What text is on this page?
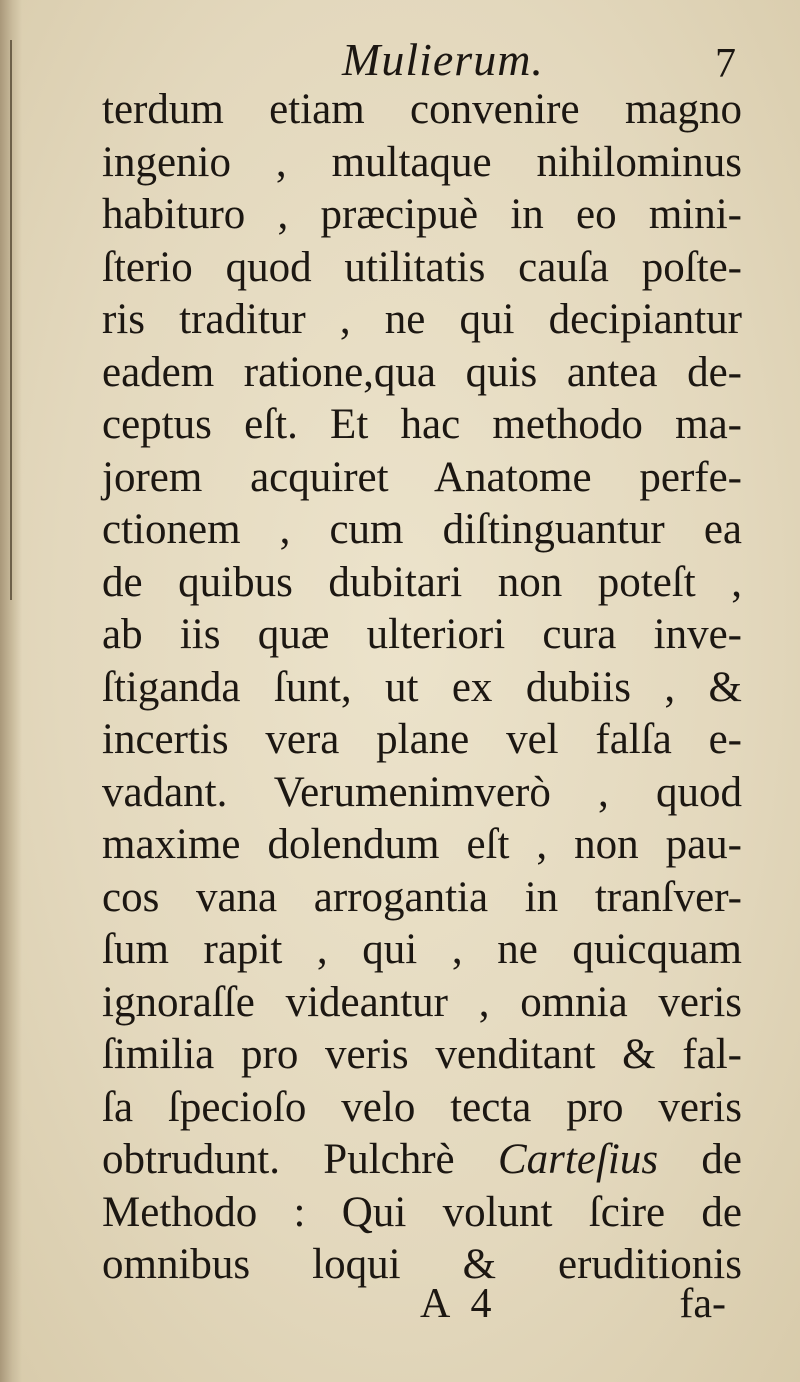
Mulierum.	7
terdum etiam convenire magno
ingenio , multaque nihilominus
habituro , præcipuè in eo mini-
ſterio quod utilitatis cauſa poſte-
ris traditur , ne qui decipiantur
eadem ratione,qua quis antea de-
ceptus eſt. Et hac methodo ma-
jorem acquiret Anatome perfe-
ctionem , cum diſtinguantur ea
de quibus dubitari non poteſt ,
ab iis quæ ulteriori cura inve-
ſtiganda ſunt, ut ex dubiis , &
incertis vera plane vel falſa e-
vadant. Verumenimverò , quod
maxime dolendum eſt , non pau-
cos vana arrogantia in tranſver-
ſum rapit , qui , ne quicquam
ignoraſſe videantur , omnia veris
ſimilia pro veris venditant & fal-
ſa ſpecioſo velo tecta pro veris
obtrudunt. Pulchrè Carteſius de
Methodo : Qui volunt ſcire de
omnibus loqui & eruditionis
A 4	fa-
